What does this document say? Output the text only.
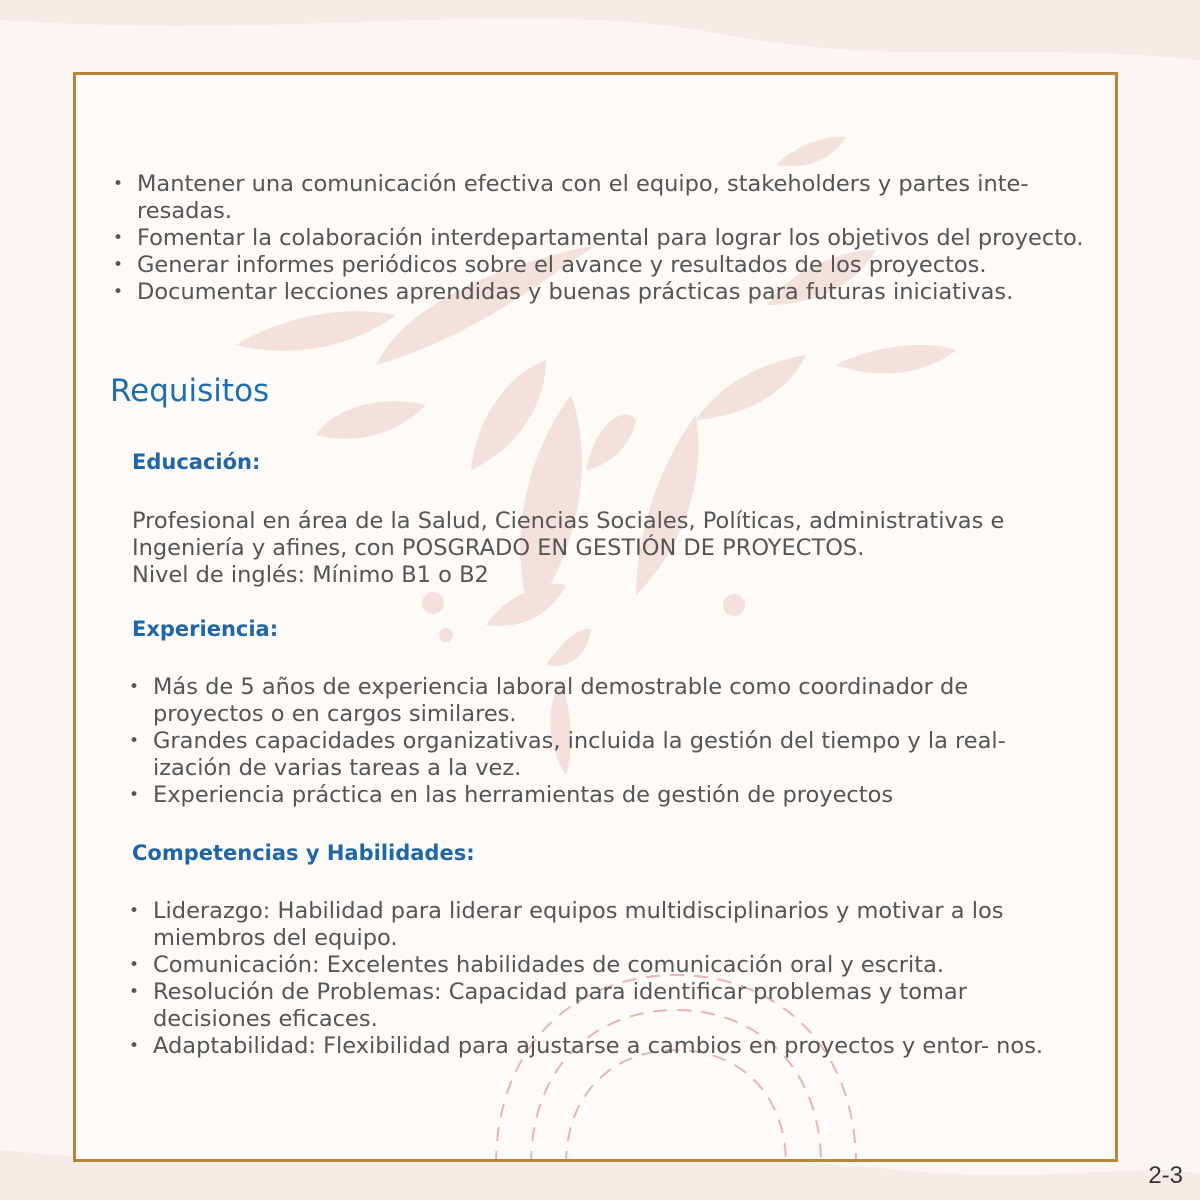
• Mantener una comunicación efectiva con el equipo, stakeholders y partes inte- resadas.
• Fomentar la colaboración interdepartamental para lograr los objetivos del proyecto.
• Generar informes periódicos sobre el avance y resultados de los proyectos.
• Documentar lecciones aprendidas y buenas prácticas para futuras iniciativas.
Requisitos
Educación:

Profesional en área de la Salud, Ciencias Sociales, Políticas, administrativas e Ingeniería y afines, con POSGRADO EN GESTIÓN DE PROYECTOS.

Nivel de inglés: Mínimo B1 o B2

Experiencia:
• Más de 5 años de experiencia laboral demostrable como coordinador de proyectos o en cargos similares.
• Grandes capacidades organizativas, incluida la gestión del tiempo y la real- ización de varias tareas a la vez.
• Experiencia práctica en las herramientas de gestión de proyectos
Competencias y Habilidades:
• Liderazgo: Habilidad para liderar equipos multidisciplinarios y motivar a los miembros del equipo.
• Comunicación: Excelentes habilidades de comunicación oral y escrita.
• Resolución de Problemas: Capacidad para identificar problemas y tomar decisiones eficaces.
• Adaptabilidad: Flexibilidad para ajustarse a cambios en proyectos y entor- nos.
2-3
